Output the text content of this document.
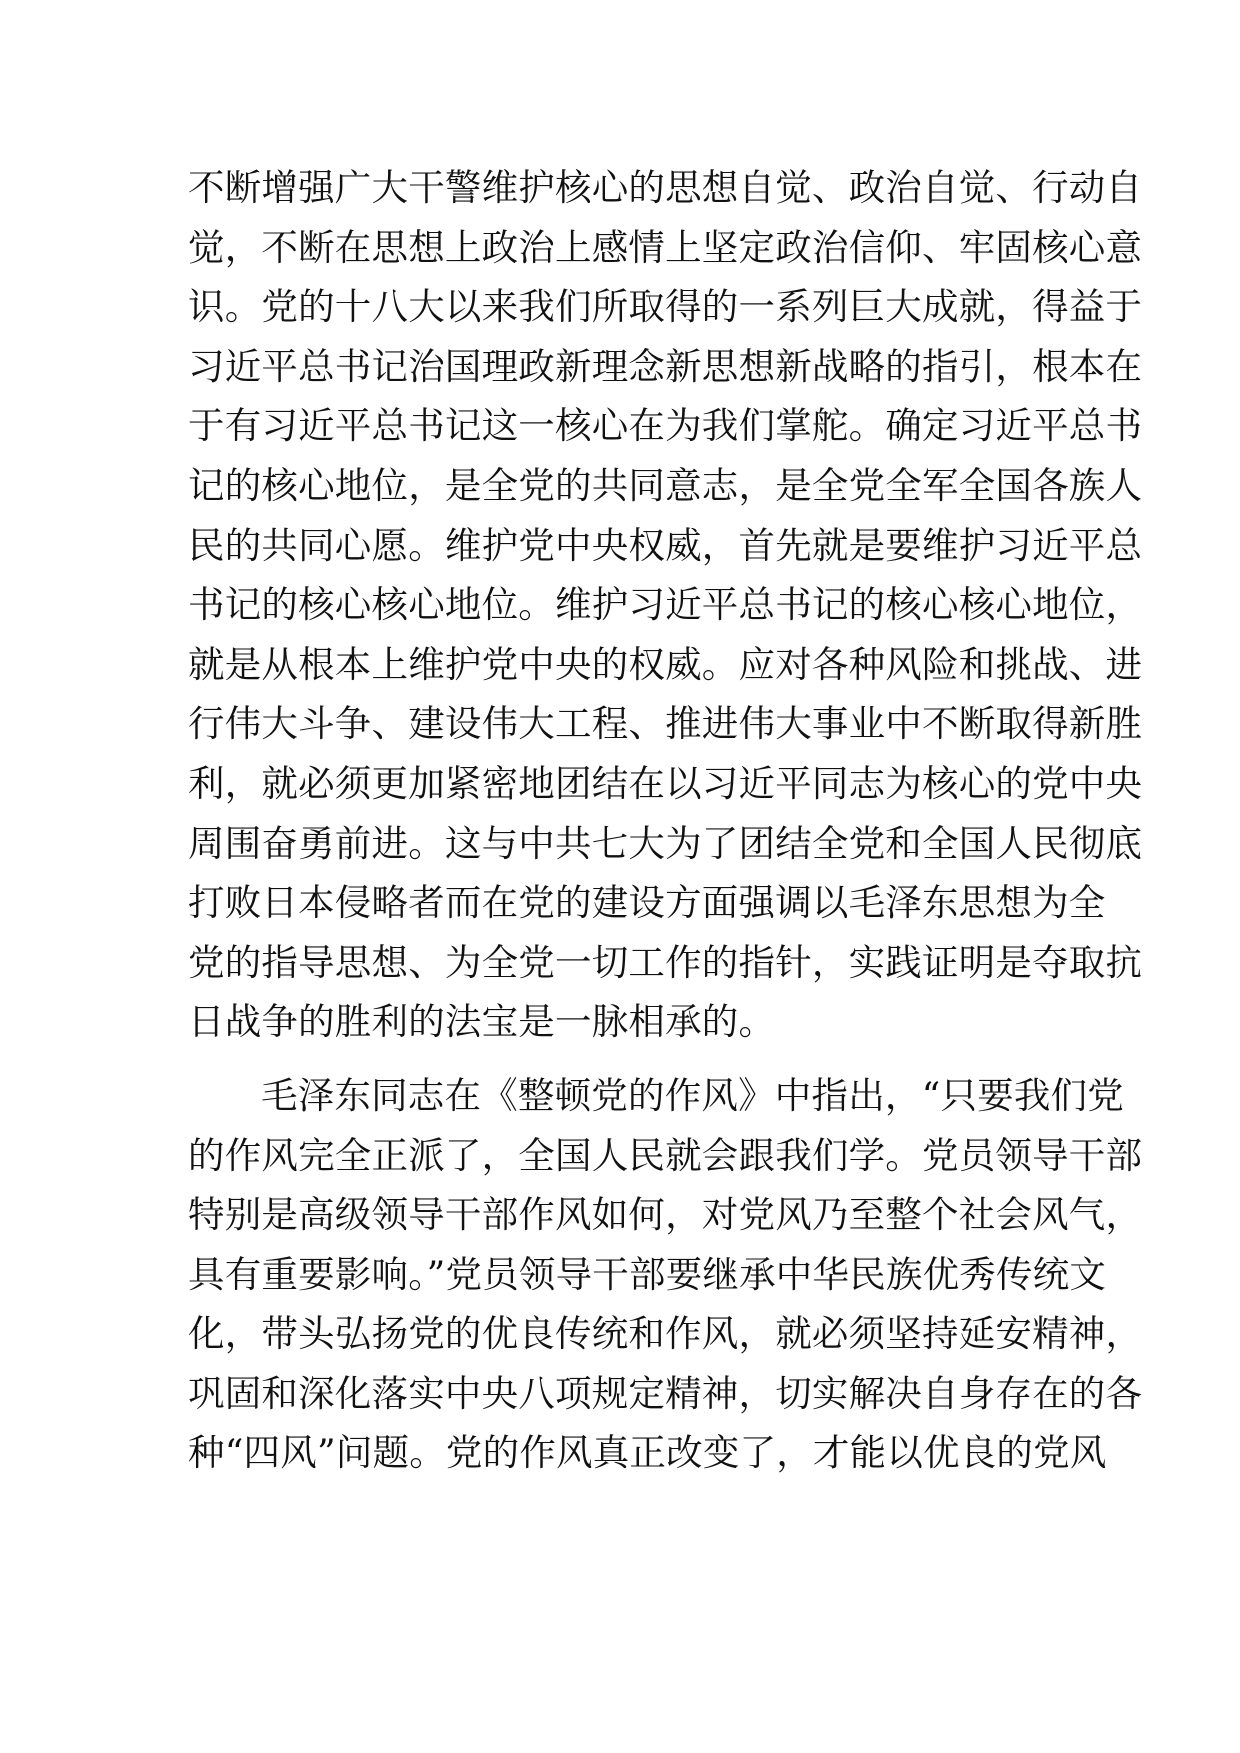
不断增强广大干警维护核心的思想自觉、政治自觉、行动自
觉，不断在思想上政治上感情上坚定政治信仰、牢固核心意
识。党的十八大以来我们所取得的一系列巨大成就，得益于
习近平总书记治国理政新理念新思想新战略的指引，根本在
于有习近平总书记这一核心在为我们掌舵。确定习近平总书
记的核心地位，是全党的共同意志，是全党全军全国各族人
民的共同心愿。维护党中央权威，首先就是要维护习近平总
书记的核心核心地位。维护习近平总书记的核心核心地位，
就是从根本上维护党中央的权威。应对各种风险和挑战、进
行伟大斗争、建设伟大工程、推进伟大事业中不断取得新胜
利，就必须更加紧密地团结在以习近平同志为核心的党中央
周围奋勇前进。这与中共七大为了团结全党和全国人民彻底
打败日本侵略者而在党的建设方面强调以毛泽东思想为全
党的指导思想、为全党一切工作的指针，实践证明是夺取抗
日战争的胜利的法宝是一脉相承的。
毛泽东同志在《整顿党的作风》中指出，“只要我们党
的作风完全正派了，全国人民就会跟我们学。党员领导干部
特别是高级领导干部作风如何，对党风乃至整个社会风气，
具有重要影响。”党员领导干部要继承中华民族优秀传统文
化，带头弘扬党的优良传统和作风，就必须坚持延安精神，
巩固和深化落实中央八项规定精神，切实解决自身存在的各
种“四风”问题。党的作风真正改变了，才能以优良的党风
